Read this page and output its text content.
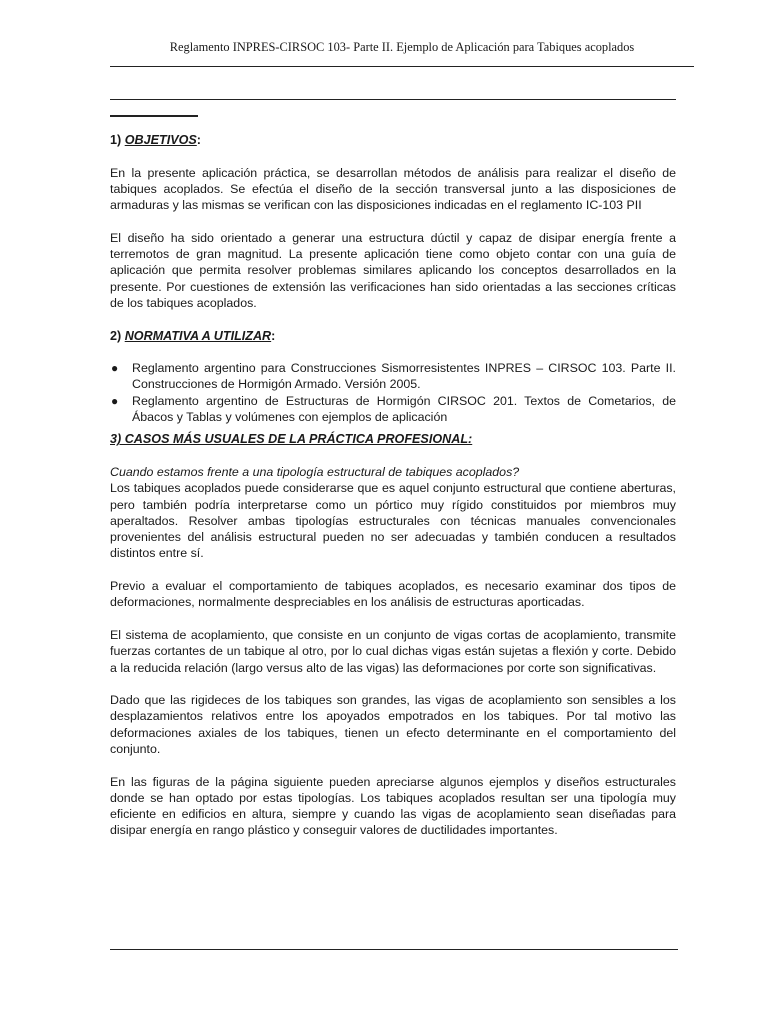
Reglamento INPRES-CIRSOC 103- Parte II. Ejemplo de Aplicación para Tabiques acoplados
1) OBJETIVOS:

En la presente aplicación práctica, se desarrollan métodos de análisis para realizar el diseño de tabiques acoplados. Se efectúa el diseño de la sección transversal junto a las disposiciones de armaduras y las mismas se verifican con las disposiciones indicadas en el reglamento IC-103 PII

El diseño ha sido orientado a generar una estructura dúctil y capaz de disipar energía frente a terremotos de gran magnitud. La presente aplicación tiene como objeto contar con una guía de aplicación que permita resolver problemas similares aplicando los conceptos desarrollados en la presente. Por cuestiones de extensión las verificaciones han sido orientadas a las secciones críticas de los tabiques acoplados.

2) NORMATIVA A UTILIZAR:
● Reglamento argentino para Construcciones Sismorresistentes INPRES – CIRSOC 103. Parte II. Construcciones de Hormigón Armado. Versión 2005.
● Reglamento argentino de Estructuras de Hormigón CIRSOC 201. Textos de Cometarios, de Ábacos y Tablas y volúmenes con ejemplos de aplicación
3) CASOS MÁS USUALES DE LA PRÁCTICA PROFESIONAL:

Cuando estamos frente a una tipología estructural de tabiques acoplados?

Los tabiques acoplados puede considerarse que es aquel conjunto estructural que contiene aberturas, pero también podría interpretarse como un pórtico muy rígido constituidos por miembros muy aperaltados. Resolver ambas tipologías estructurales con técnicas manuales convencionales provenientes del análisis estructural pueden no ser adecuadas y también conducen a resultados distintos entre sí.

Previo a evaluar el comportamiento de tabiques acoplados, es necesario examinar dos tipos de deformaciones, normalmente despreciables en los análisis de estructuras aporticadas.

El sistema de acoplamiento, que consiste en un conjunto de vigas cortas de acoplamiento, transmite fuerzas cortantes de un tabique al otro, por lo cual dichas vigas están sujetas a flexión y corte. Debido a la reducida relación (largo versus alto de las vigas) las deformaciones por corte son significativas.

Dado que las rigideces de los tabiques son grandes, las vigas de acoplamiento son sensibles a los desplazamientos relativos entre los apoyados empotrados en los tabiques. Por tal motivo las deformaciones axiales de los tabiques, tienen un efecto determinante en el comportamiento del conjunto.

En las figuras de la página siguiente pueden apreciarse algunos ejemplos y diseños estructurales donde se han optado por estas tipologías. Los tabiques acoplados resultan ser una tipología muy eficiente en edificios en altura, siempre y cuando las vigas de acoplamiento sean diseñadas para disipar energía en rango plástico y conseguir valores de ductilidades importantes.
